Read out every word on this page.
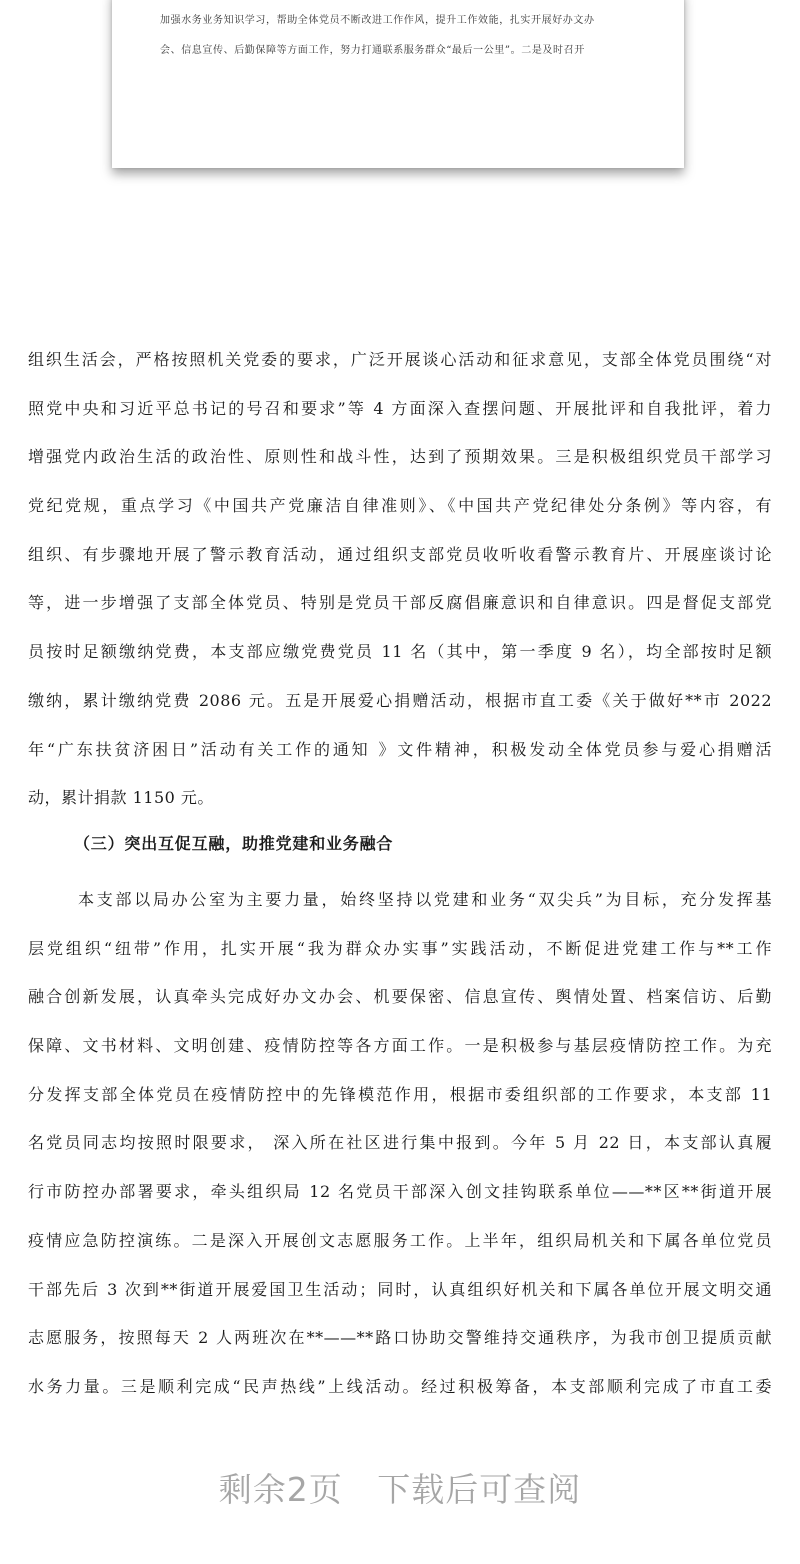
加强水务业务知识学习，帮助全体党员不断改进工作作风，提升工作效能，扎实开展好办文办

会、信息宣传、后勤保障等方面工作，努力打通联系服务群众“最后一公里”。二是及时召开

组织生活会，严格按照机关党委的要求，广泛开展谈心活动和征求意见，支部全体党员围绕“对
照党中央和习近平总书记的号召和要求”等 4 方面深入查摆问题、开展批评和自我批评，着力
增强党内政治生活的政治性、原则性和战斗性，达到了预期效果。三是积极组织党员干部学习
党纪党规，重点学习《中国共产党廉洁自律准则》、《中国共产党纪律处分条例》等内容，有
组织、有步骤地开展了警示教育活动，通过组织支部党员收听收看警示教育片、开展座谈讨论
等，进一步增强了支部全体党员、特别是党员干部反腐倡廉意识和自律意识。四是督促支部党
员按时足额缴纳党费，本支部应缴党费党员 11 名（其中，第一季度 9 名），均全部按时足额
缴纳，累计缴纳党费 2086 元。五是开展爱心捐赠活动，根据市直工委《关于做好**市 2022
年“广东扶贫济困日”活动有关工作的通知 》文件精神，积极发动全体党员参与爱心捐赠活
动，累计捐款 1150 元。
（三）突出互促互融，助推党建和业务融合
本支部以局办公室为主要力量，始终坚持以党建和业务“双尖兵”为目标，充分发挥基
层党组织“纽带”作用，扎实开展“我为群众办实事”实践活动，不断促进党建工作与**工作
融合创新发展，认真牵头完成好办文办会、机要保密、信息宣传、舆情处置、档案信访、后勤
保障、文书材料、文明创建、疫情防控等各方面工作。一是积极参与基层疫情防控工作。为充
分发挥支部全体党员在疫情防控中的先锋模范作用，根据市委组织部的工作要求，本支部 11
名党员同志均按照时限要求， 深入所在社区进行集中报到。今年 5 月 22 日，本支部认真履
行市防控办部署要求，牵头组织局 12 名党员干部深入创文挂钩联系单位——**区**街道开展
疫情应急防控演练。二是深入开展创文志愿服务工作。上半年，组织局机关和下属各单位党员
干部先后 3 次到**街道开展爱国卫生活动；同时，认真组织好机关和下属各单位开展文明交通
志愿服务，按照每天 2 人两班次在**——**路口协助交警维持交通秩序，为我市创卫提质贡献
水务力量。三是顺利完成“民声热线”上线活动。经过积极筹备，本支部顺利完成了市直工委
剩余2页   下载后可查阅
